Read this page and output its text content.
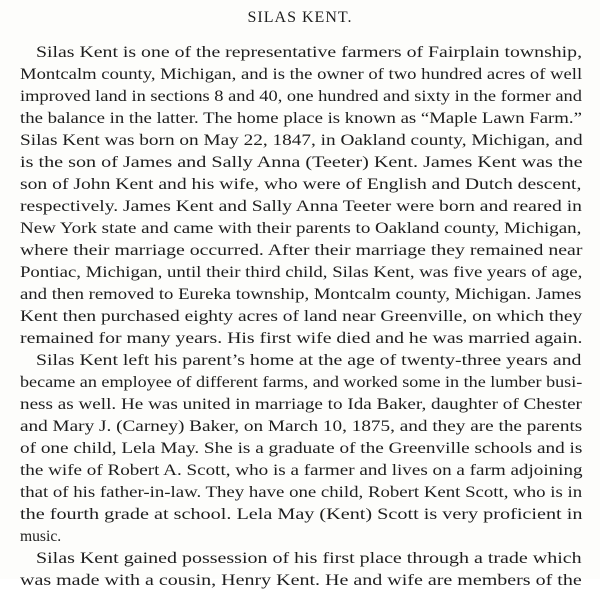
SILAS KENT.
Silas Kent is one of the representative farmers of Fairplain township,
Montcalm county, Michigan, and is the owner of two hundred acres of well
improved land in sections 8 and 40, one hundred and sixty in the former and
the balance in the latter. The home place is known as “Maple Lawn Farm.”
Silas Kent was born on May 22, 1847, in Oakland county, Michigan, and
is the son of James and Sally Anna (Teeter) Kent. James Kent was the
son of John Kent and his wife, who were of English and Dutch descent,
respectively. James Kent and Sally Anna Teeter were born and reared in
New York state and came with their parents to Oakland county, Michigan,
where their marriage occurred. After their marriage they remained near
Pontiac, Michigan, until their third child, Silas Kent, was five years of age,
and then removed to Eureka township, Montcalm county, Michigan. James
Kent then purchased eighty acres of land near Greenville, on which they
remained for many years. His first wife died and he was married again.
Silas Kent left his parent’s home at the age of twenty-three years and
became an employee of different farms, and worked some in the lumber busi-
ness as well. He was united in marriage to Ida Baker, daughter of Chester
and Mary J. (Carney) Baker, on March 10, 1875, and they are the parents
of one child, Lela May. She is a graduate of the Greenville schools and is
the wife of Robert A. Scott, who is a farmer and lives on a farm adjoining
that of his father-in-law. They have one child, Robert Kent Scott, who is in
the fourth grade at school. Lela May (Kent) Scott is very proficient in
music.
Silas Kent gained possession of his first place through a trade which
was made with a cousin, Henry Kent. He and wife are members of the
